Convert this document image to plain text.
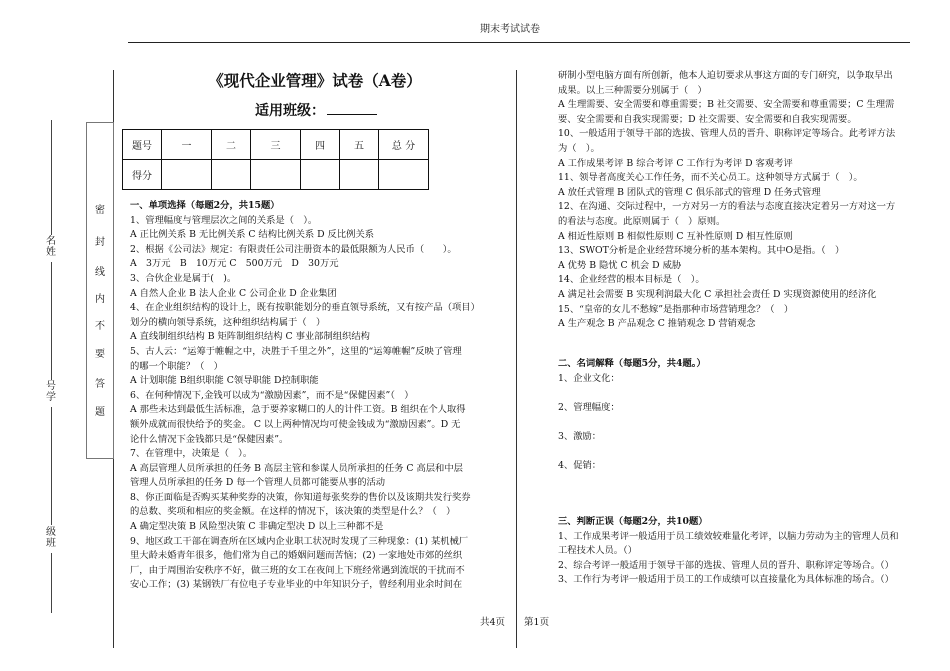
期末考试试卷
密
封
线
内
不
要
答
题
名姓
号学
级班
《现代企业管理》试卷（A卷）
适用班级：
题号	一	二	三	四	五	总 分
得分						

一、单项选择（每题2分，共15题）

1、管理幅度与管理层次之间的关系是（　）。

A 正比例关系 B 无比例关系 C 结构比例关系 D 反比例关系

2、根据《公司法》规定：有限责任公司注册资本的最低限额为人民币（　　）。

A　3万元　B　10万元 C　500万元　D　30万元

3、合伙企业是属于(　)。

A 自然人企业 B 法人企业 C 公司企业 D 企业集团

4、在企业组织结构的设计上，既有按职能划分的垂直领导系统，又有按产品（项目）

划分的横向领导系统，这种组织结构属于（　）

A 直线制组织结构 B 矩阵制组织结构 C 事业部制组织结构

5、古人云：“运筹于帷幄之中，决胜于千里之外”，这里的“运筹帷幄”反映了管理

的哪一个职能？（　）

A 计划职能 B组织职能 C领导职能 D控制职能

6、在何种情况下,金钱可以成为“激励因素”，而不是“保健因素”（　）

A 那些未达到最低生活标准，急于要养家糊口的人的计件工资。B 组织在个人取得

额外成就而很快给予的奖金。 C 以上两种情况均可使金钱成为“激励因素”。D 无

论什么情况下金钱都只是“保健因素”。

7、在管理中，决策是（　）。

A 高层管理人员所承担的任务 B 高层主管和参谋人员所承担的任务 C 高层和中层

管理人员所承担的任务 D 每一个管理人员都可能要从事的活动

8、你正面临是否购买某种奖券的决策，你知道每张奖券的售价以及该期共发行奖券

的总数、奖项和相应的奖金额。在这样的情况下，该决策的类型是什么？（　）

A 确定型决策 B 风险型决策 C 非确定型决 D 以上三种都不是

9、地区政工干部在调查所在区域内企业职工状况时发现了三种现象：(1) 某机械厂

里大龄未婚青年很多，他们常为自己的婚姻问题而苦恼；(2) 一家地处市郊的丝织

厂，由于周围治安秩序不好，做三班的女工在夜间上下班经常遇到流氓的干扰而不

安心工作；(3) 某钢铁厂有位电子专业毕业的中年知识分子，曾经利用业余时间在

研制小型电脑方面有所创新，他本人迫切要求从事这方面的专门研究，以争取早出

成果。以上三种需要分别属于（　）

A 生理需要、安全需要和尊重需要；B 社交需要、安全需要和尊重需要；C 生理需

要、安全需要和自我实现需要；D 社交需要、安全需要和自我实现需要。

10、一般适用于领导干部的选拔、管理人员的晋升、职称评定等场合。此考评方法

为（　）。

A 工作成果考评 B 综合考评 C 工作行为考评 D 客观考评

11、领导者高度关心工作任务，而不关心员工。这种领导方式属于（　）。

A 放任式管理 B 团队式的管理 C 俱乐部式的管理 D 任务式管理

12、在沟通、交际过程中，一方对另一方的看法与态度直接决定着另一方对这一方

的看法与态度。此原则属于（　）原则。

A 相近性原则 B 相似性原则 C 互补性原则 D 相互性原则

13、SWOT分析是企业经营环境分析的基本架构。其中O是指。（　）

A 优势 B 隐忧 C 机会 D 威胁

14、企业经营的根本目标是（　）。

A 满足社会需要 B 实现利润最大化 C 承担社会责任 D 实现资源使用的经济化

15、“皇帝的女儿不愁嫁”是指那种市场营销理念？（　）

A 生产观念 B 产品观念 C 推销观念 D 营销观念

二、名词解释（每题5分，共4题。）

1、企业文化：

2、管理幅度：

3、激励：

4、促销：

三、判断正误（每题2分，共10题）

1、工作成果考评一般适用于员工绩效较难量化考评，以脑力劳动为主的管理人员和

工程技术人员。（）

2、综合考评一般适用于领导干部的选拔、管理人员的晋升、职称评定等场合。（）

3、工作行为考评一般适用于员工的工作成绩可以直接量化为具体标准的场合。（）

共4页　　第1页
